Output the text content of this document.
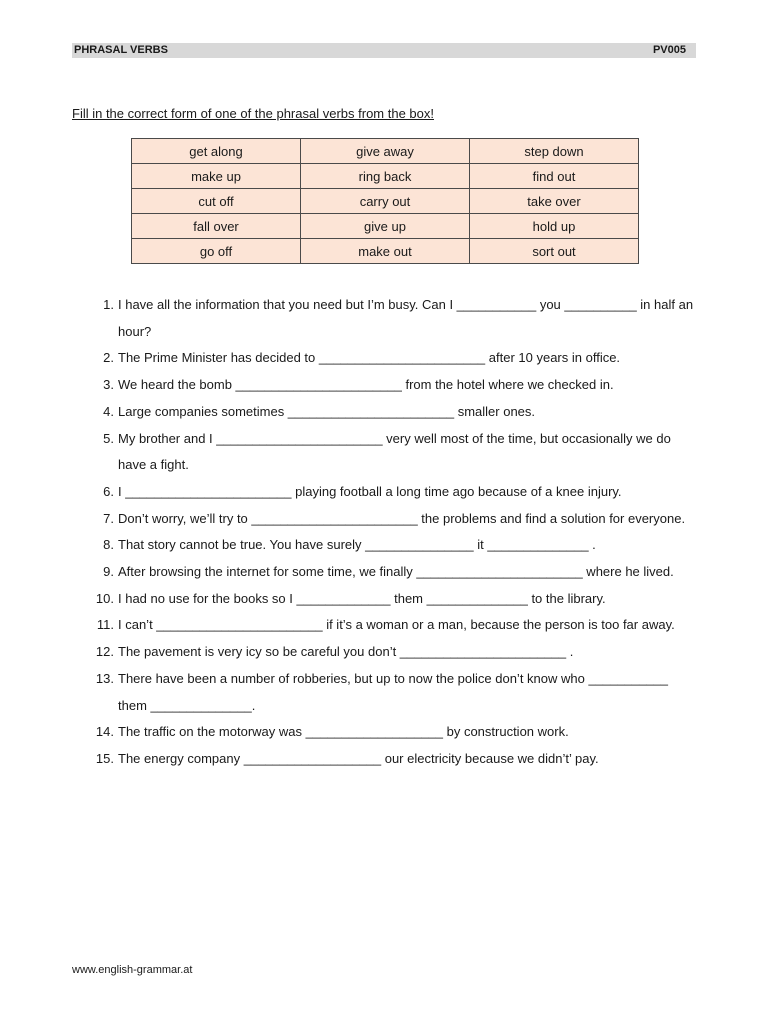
PHRASAL VERBS	PV005
Fill in the correct form of one of the phrasal verbs from the box!
get along	give away	step down
make up	ring back	find out
cut off	carry out	take over
fall over	give up	hold up
go off	make out	sort out
1. I have all the information that you need but I’m busy. Can I ___________ you __________ in half an hour?
2. The Prime Minister has decided to _______________________ after 10 years in office.
3. We heard the bomb _______________________ from the hotel where we checked in.
4. Large companies sometimes _______________________ smaller ones.
5. My brother and I _______________________ very well most of the time, but occasionally we do have a fight.
6. I _______________________ playing football a long time ago because of a knee injury.
7. Don’t worry, we’ll try to _______________________ the problems and find a solution for everyone.
8. That story cannot be true. You have surely _______________ it ______________ .
9. After browsing the internet for some time, we finally _______________________ where he lived.
10. I had no use for the books so I _____________ them ______________ to the library.
11. I can’t _______________________ if it’s a woman or a man, because the person is too far away.
12. The pavement is very icy so be careful you don’t _______________________ .
13. There have been a number of robberies, but up to now the police don’t know who ___________ them ______________.
14. The traffic on the motorway was ___________________ by construction work.
15. The energy company ___________________ our electricity because we didn’t’ pay.
www.english-grammar.at
